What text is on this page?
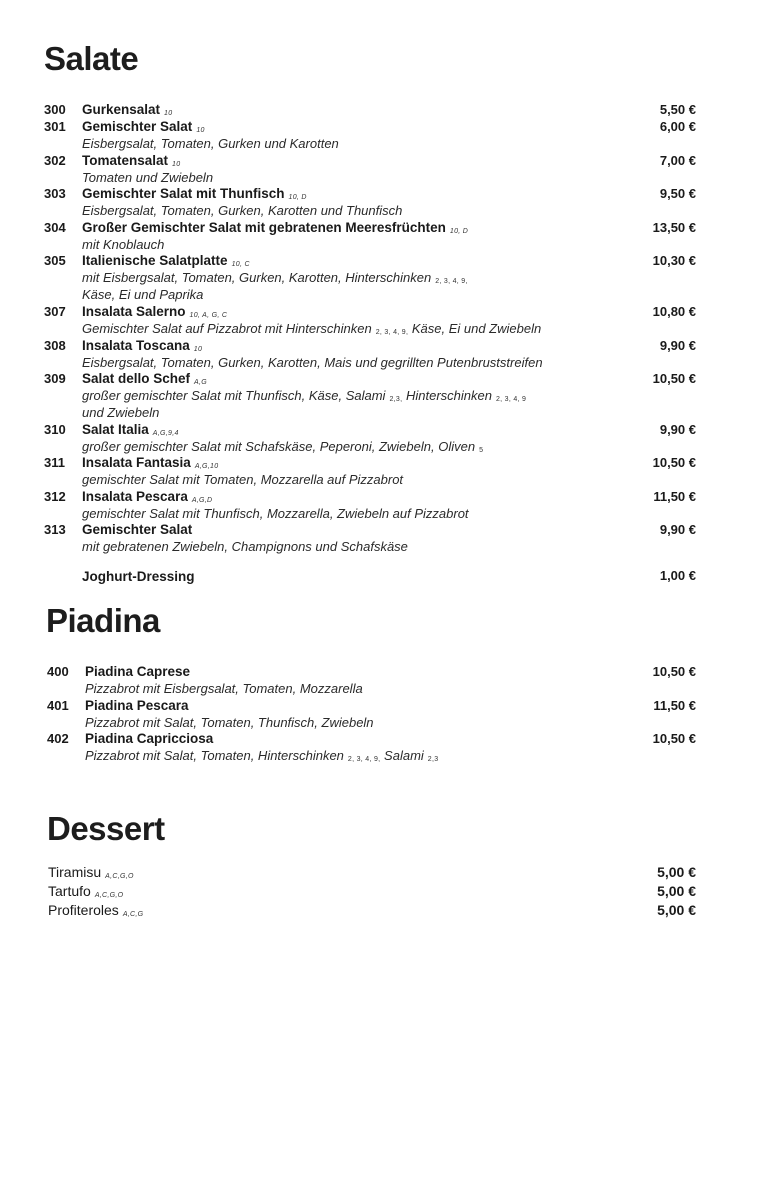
Salate
300 Gurkensalat 10	5,50 €
301 Gemischter Salat 10	6,00 €
Eisbergsalat, Tomaten, Gurken und Karotten
302 Tomatensalat 10	7,00 €
Tomaten und Zwiebeln
303 Gemischter Salat mit Thunfisch 10, D	9,50 €
Eisbergsalat, Tomaten, Gurken, Karotten und Thunfisch
304 Großer Gemischter Salat mit gebratenen Meeresfrüchten 10, D	13,50 €
mit Knoblauch
305 Italienische Salatplatte 10, C	10,30 €
mit Eisbergsalat, Tomaten, Gurken, Karotten, Hinterschinken 2, 3, 4, 9,
Käse, Ei und Paprika
307 Insalata Salerno 10, A, G, C	10,80 €
Gemischter Salat auf Pizzabrot mit Hinterschinken 2, 3, 4, 9, Käse, Ei und Zwiebeln
308 Insalata Toscana 10	9,90 €
Eisbergsalat, Tomaten, Gurken, Karotten, Mais und gegrillten Putenbruststreifen
309 Salat dello Schef A,G	10,50 €
großer gemischter Salat mit Thunfisch, Käse, Salami 2,3, Hinterschinken 2, 3, 4, 9
und Zwiebeln
310 Salat Italia A,G,9,4	9,90 €
großer gemischter Salat mit Schafskäse, Peperoni, Zwiebeln, Oliven 5
311 Insalata Fantasia A,G,10	10,50 €
gemischter Salat mit Tomaten, Mozzarella auf Pizzabrot
312 Insalata Pescara A,G,D	11,50 €
gemischter Salat mit Thunfisch, Mozzarella, Zwiebeln auf Pizzabrot
313 Gemischter Salat	9,90 €
mit gebratenen Zwiebeln, Champignons und Schafskäse
Joghurt-Dressing	1,00 €
Piadina
400 Piadina Caprese	10,50 €
Pizzabrot mit Eisbergsalat, Tomaten, Mozzarella
401 Piadina Pescara	11,50 €
Pizzabrot mit Salat, Tomaten, Thunfisch, Zwiebeln
402 Piadina Capricciosa	10,50 €
Pizzabrot mit Salat, Tomaten, Hinterschinken 2, 3, 4, 9, Salami 2,3
Dessert
Tiramisu A,C,G,O	5,00 €
Tartufo A,C,G,O	5,00 €
Profiteroles A,C,G	5,00 €
